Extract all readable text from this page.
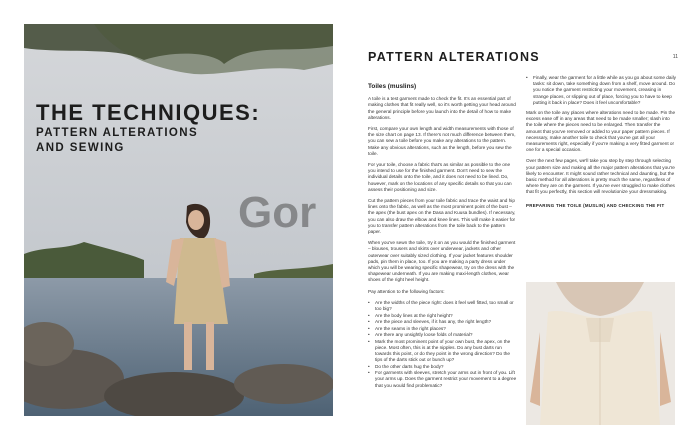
THE TECHNIQUES:
PATTERN ALTERATIONS
AND SEWING
PATTERN ALTERATIONS	11
Toiles (muslins)

A toile is a test garment made to check the fit. It's an essential part of making clothes that fit really well, so it's worth getting your head around the general principle before you launch into the detail of how to make alterations.

First, compare your own length and width measurements with those of the size chart on page 13. If there's not much difference between them, you can sew a toile before you make any alterations to the pattern. Make any obvious alterations, such as the length, before you sew the toile.

For your toile, choose a fabric that's as similar as possible to the one you intend to use for the finished garment. Don't need to sew the individual details onto the toile, and it does not need to be lined. Do, however, mark on the locations of any specific details so that you can assess their positioning and size.

Cut the pattern pieces from your toile fabric and trace the waist and hip lines onto the fabric, as well as the most prominent point of the bust – the apex (the bust apex on the Dasa and Kuusa bundles). If necessary, you can also draw the elbow and knee lines. This will make it easier for you to transfer pattern alterations from the toile back to the pattern paper.

When you've sewn the toile, try it on as you would the finished garment – blouses, trousers and skirts over underwear, jackets and other outerwear over suitably sized clothing. If your jacket features shoulder pads, pin them in place, too. If you are making a party dress under which you will be wearing specific shapewear, try on the dress with the shapewear underneath. If you are making maxi-length clothes, wear shoes of the right heel height.

Pay attention to the following factors:

• Are the widths of the piece right: does it feel well fitted, too small or too big?
• Are the body lines at the right height?
• Are the piece and sleeves, if it has any, the right length?
• Are the seams in the right places?
• Are there any unsightly loose folds of material?
• Mark the most prominent point of your own bust, the apex, on the piece. Most often, this is at the nipples. Do any bust darts run towards this point, or do they point in the wrong direction? Do the tips of the darts stick out or bunch up?
• Do the other darts hug the body?
• For garments with sleeves, stretch your arms out in front of you. Lift your arms up. Does the garment restrict your movement to a degree that you would find problematic?
• Finally, wear the garment for a little while as you go about some daily tasks: sit down, take something down from a shelf, move around. Do you notice the garment restricting your movement, creasing in strange places, or slipping out of place, forcing you to have to keep putting it back in place? Does it feel uncomfortable?

Mark on the toile any places where alterations need to be made. Pin the excess ease off in any areas that need to be made smaller; slash into the toile where the pieces need to be enlarged. Then transfer the amount that you've removed or added to your paper pattern pieces. If necessary, make another toile to check that you've got all your measurements right, especially if you're making a very fitted garment or one for a special occasion.

Over the next few pages, we'll take you step by step through selecting your pattern size and making all the major pattern alterations that you're likely to encounter. It might sound rather technical and daunting, but the basic method for all alterations is pretty much the same, regardless of where they are on the garment. If you've ever struggled to make clothes that fit you perfectly, this section will revolutionize your dressmaking.

PREPARING THE TOILE (MUSLIN) AND CHECKING THE FIT
Gor
